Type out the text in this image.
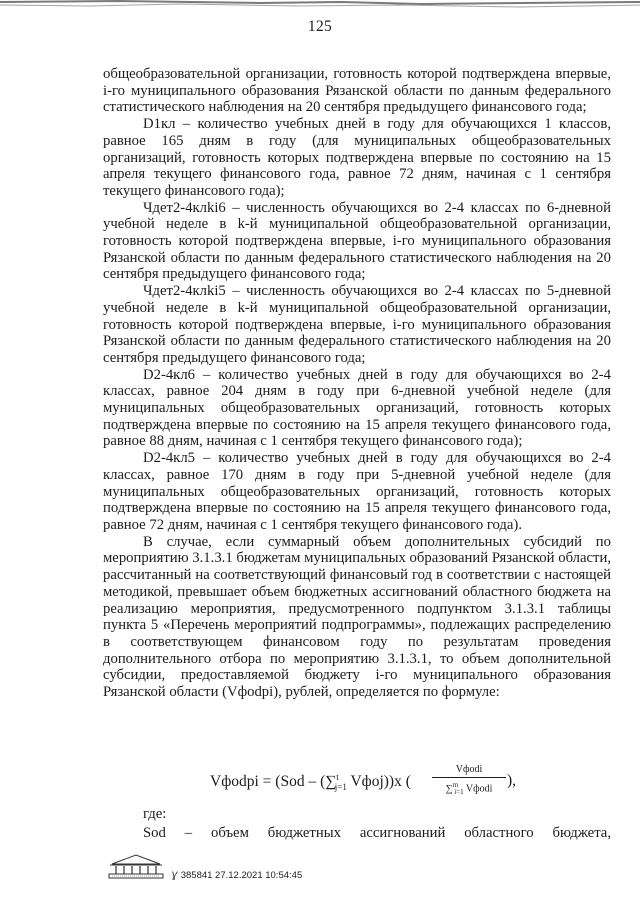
125

общеобразовательной организации, готовность которой подтверждена впервые, i-го муниципального образования Рязанской области по данным федерального статистического наблюдения на 20 сентября предыдущего финансового года;

D1кл – количество учебных дней в году для обучающихся 1 классов, равное 165 дням в году (для муниципальных общеобразовательных организаций, готовность которых подтверждена впервые по состоянию на 15 апреля текущего финансового года, равное 72 дням, начиная с 1 сентября текущего финансового года);

Чдет2-4клki6 – численность обучающихся во 2-4 классах по 6-дневной учебной неделе в k-й муниципальной общеобразовательной организации, готовность которой подтверждена впервые, i-го муниципального образования Рязанской области по данным федерального статистического наблюдения на 20 сентября предыдущего финансового года;

Чдет2-4клki5 – численность обучающихся во 2-4 классах по 5-дневной учебной неделе в k-й муниципальной общеобразовательной организации, готовность которой подтверждена впервые, i-го муниципального образования Рязанской области по данным федерального статистического наблюдения на 20 сентября предыдущего финансового года;

D2-4кл6 – количество учебных дней в году для обучающихся во 2-4 классах, равное 204 дням в году при 6-дневной учебной неделе (для муниципальных общеобразовательных организаций, готовность которых подтверждена впервые по состоянию на 15 апреля текущего финансового года, равное 88 дням, начиная с 1 сентября текущего финансового года);

D2-4кл5 – количество учебных дней в году для обучающихся во 2-4 классах, равное 170 дням в году при 5-дневной учебной неделе (для муниципальных общеобразовательных организаций, готовность которых подтверждена впервые по состоянию на 15 апреля текущего финансового года, равное 72 дням, начиная с 1 сентября текущего финансового года).

В случае, если суммарный объем дополнительных субсидий по мероприятию 3.1.3.1 бюджетам муниципальных образований Рязанской области, рассчитанный на соответствующий финансовый год в соответствии с настоящей методикой, превышает объем бюджетных ассигнований областного бюджета на реализацию мероприятия, предусмотренного подпунктом 3.1.3.1 таблицы пункта 5 «Перечень мероприятий подпрограммы», подлежащих распределению в соответствующем финансовом году по результатам проведения дополнительного отбора по мероприятию 3.1.3.1, то объем дополнительной субсидии, предоставляемой бюджету i-го муниципального образования Рязанской области (Vфodpi), рублей, определяется по формуле:

Vфodpi = (Sod – (∑$^t_{j=1}$ Vфoj))x (
Vфodi
∑$^m_{i=1}$ Vфodi ),
где:
Sod – объем бюджетных ассигнований областного бюджета,
Ɣ 385841 27.12.2021 10:54:45
